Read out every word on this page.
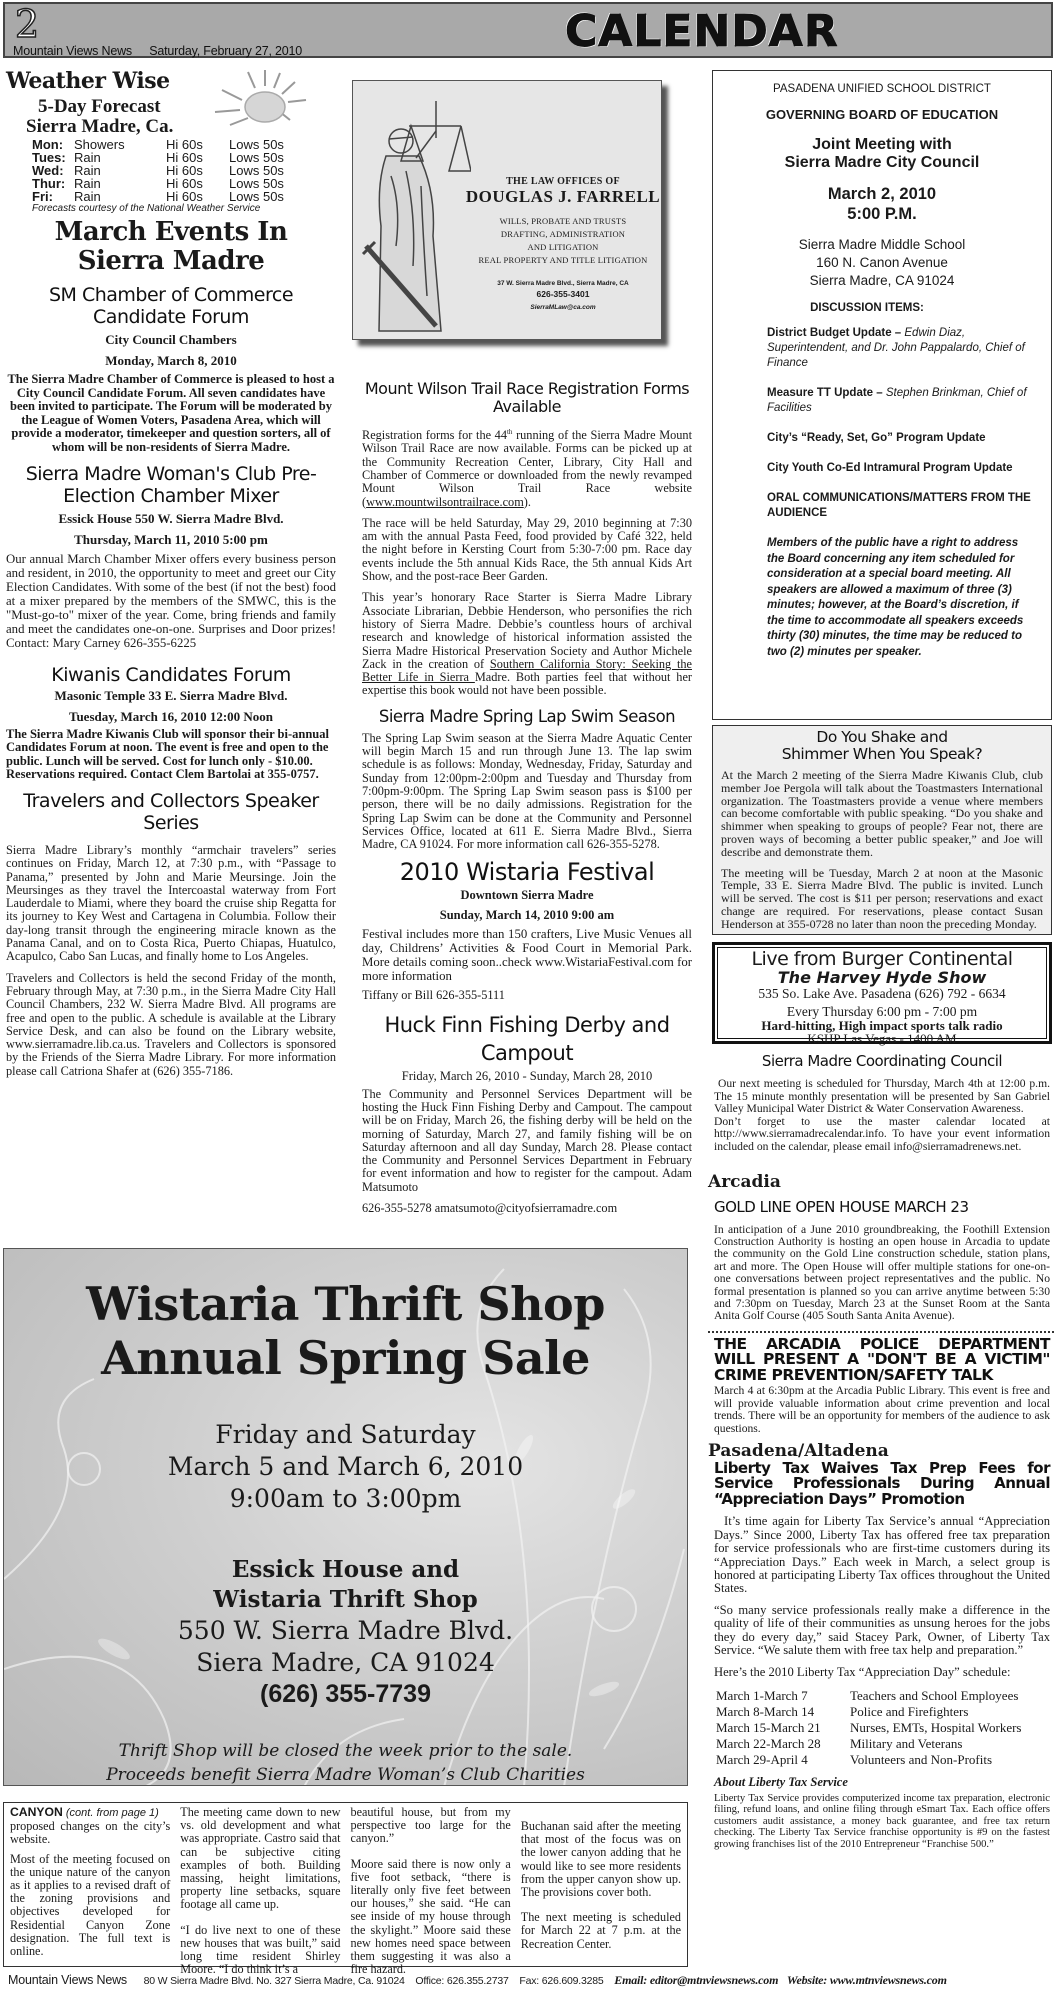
2
Mountain Views News Saturday, February 27, 2010	CALENDAR
Weather Wise
5-Day Forecast
Sierra Madre, Ca.
Mon:	Showers	Hi 60s	Lows 50s
Tues:	Rain	Hi 60s	Lows 50s
Wed:	Rain	Hi 60s	Lows 50s
Thur:	Rain	Hi 60s	Lows 50s
Fri:	Rain	Hi 60s	Lows 50s
Forecasts courtesy of the National Weather Service
March Events In
Sierra Madre
SM Chamber of Commerce Candidate Forum
City Council Chambers
Monday, March 8, 2010

The Sierra Madre Chamber of Commerce is pleased to host a City Council Candidate Forum. All seven candidates have been invited to participate. The Forum will be moderated by the League of Women Voters, Pasadena Area, which will provide a moderator, timekeeper and question sorters, all of whom will be non-residents of Sierra Madre.

Sierra Madre Woman's Club Pre-Election Chamber Mixer
Essick House 550 W. Sierra Madre Blvd.
Thursday, March 11, 2010 5:00 pm

Our annual March Chamber Mixer offers every business person and resident, in 2010, the opportunity to meet and greet our City Election Candidates. With some of the best (if not the best) food at a mixer prepared by the members of the SMWC, this is the "Must-go-to" mixer of the year. Come, bring friends and family and meet the candidates one-on-one. Surprises and Door prizes! Contact: Mary Carney 626-355-6225

Kiwanis Candidates Forum
Masonic Temple 33 E. Sierra Madre Blvd.
Tuesday, March 16, 2010 12:00 Noon

The Sierra Madre Kiwanis Club will sponsor their bi-annual Candidates Forum at noon. The event is free and open to the public. Lunch will be served. Cost for lunch only - $10.00. Reservations required. Contact Clem Bartolai at 355-0757.

Travelers and Collectors Speaker Series

Sierra Madre Library’s monthly “armchair travelers” series continues on Friday, March 12, at 7:30 p.m., with “Passage to Panama,” presented by John and Marie Meursinge. Join the Meursinges as they travel the Intercoastal waterway from Fort Lauderdale to Miami, where they board the cruise ship Regatta for its journey to Key West and Cartagena in Columbia. Follow their day-long transit through the engineering miracle known as the Panama Canal, and on to Costa Rica, Puerto Chiapas, Huatulco, Acapulco, Cabo San Lucas, and finally home to Los Angeles.

Travelers and Collectors is held the second Friday of the month, February through May, at 7:30 p.m., in the Sierra Madre City Hall Council Chambers, 232 W. Sierra Madre Blvd. All programs are free and open to the public. A schedule is available at the Library Service Desk, and can also be found on the Library website, www.sierramadre.lib.ca.us. Travelers and Collectors is sponsored by the Friends of the Sierra Madre Library. For more information please call Catriona Shafer at (626) 355-7186.

THE LAW OFFICES OF
DOUGLAS J. FARRELL
WILLS, PROBATE AND TRUSTS
DRAFTING, ADMINISTRATION
AND LITIGATION
REAL PROPERTY AND TITLE LITIGATION
37 W. Sierra Madre Blvd., Sierra Madre, CA
626-355-3401
SierraMLaw@ca.com
Mount Wilson Trail Race Registration Forms Available

Registration forms for the 44th running of the Sierra Madre Mount Wilson Trail Race are now available. Forms can be picked up at the Community Recreation Center, Library, City Hall and Chamber of Commerce or downloaded from the newly revamped Mount Wilson Trail Race website (www.mountwilsontrailrace.com).

The race will be held Saturday, May 29, 2010 beginning at 7:30 am with the annual Pasta Feed, food provided by Café 322, held the night before in Kersting Court from 5:30-7:00 pm. Race day events include the 5th annual Kids Race, the 5th annual Kids Art Show, and the post-race Beer Garden.

This year’s honorary Race Starter is Sierra Madre Library Associate Librarian, Debbie Henderson, who personifies the rich history of Sierra Madre. Debbie’s countless hours of archival research and knowledge of historical information assisted the Sierra Madre Historical Preservation Society and Author Michele Zack in the creation of Southern California Story: Seeking the Better Life in Sierra Madre. Both parties feel that without her expertise this book would not have been possible.

Sierra Madre Spring Lap Swim Season

The Spring Lap Swim season at the Sierra Madre Aquatic Center will begin March 15 and run through June 13. The lap swim schedule is as follows: Monday, Wednesday, Friday, Saturday and Sunday from 12:00pm-2:00pm and Tuesday and Thursday from 7:00pm-9:00pm. The Spring Lap Swim season pass is $100 per person, there will be no daily admissions. Registration for the Spring Lap Swim can be done at the Community and Personnel Services Office, located at 611 E. Sierra Madre Blvd., Sierra Madre, CA 91024. For more information call 626-355-5278.

2010 Wistaria Festival
Downtown Sierra Madre
Sunday, March 14, 2010 9:00 am

Festival includes more than 150 crafters, Live Music Venues all day, Childrens’ Activities & Food Court in Memorial Park. More details coming soon..check www.WistariaFestival.com for more information

Tiffany or Bill 626-355-5111

Huck Finn Fishing Derby and Campout
Friday, March 26, 2010 - Sunday, March 28, 2010

The Community and Personnel Services Department will be hosting the Huck Finn Fishing Derby and Campout. The campout will be on Friday, March 26, the fishing derby will be held on the morning of Saturday, March 27, and family fishing will be on Saturday afternoon and all day Sunday, March 28. Please contact the Community and Personnel Services Department in February for event information and how to register for the campout. Adam Matsumoto

626-355-5278 amatsumoto@cityofsierramadre.com

PASADENA UNIFIED SCHOOL DISTRICT
GOVERNING BOARD OF EDUCATION
Joint Meeting with
Sierra Madre City Council
March 2, 2010
5:00 P.M.
Sierra Madre Middle School
160 N. Canon Avenue
Sierra Madre, CA 91024
DISCUSSION ITEMS:
District Budget Update – Edwin Diaz, Superintendent, and Dr. John Pappalardo, Chief of Finance
Measure TT Update – Stephen Brinkman, Chief of Facilities
City’s “Ready, Set, Go” Program Update
City Youth Co-Ed Intramural Program Update
ORAL COMMUNICATIONS/MATTERS FROM THE AUDIENCE
Members of the public have a right to address the Board concerning any item scheduled for consideration at a special board meeting. All speakers are allowed a maximum of three (3) minutes; however, at the Board’s discretion, if the time to accommodate all speakers exceeds thirty (30) minutes, the time may be reduced to two (2) minutes per speaker.
Do You Shake and Shimmer When You Speak?

At the March 2 meeting of the Sierra Madre Kiwanis Club, club member Joe Pergola will talk about the Toastmasters International organization. The Toastmasters provide a venue where members can become comfortable with public speaking. “Do you shake and shimmer when speaking to groups of people? Fear not, there are proven ways of becoming a better public speaker,” and Joe will describe and demonstrate them.

The meeting will be Tuesday, March 2 at noon at the Masonic Temple, 33 E. Sierra Madre Blvd. The public is invited. Lunch will be served. The cost is $11 per person; reservations and exact change are required. For reservations, please contact Susan Henderson at 355-0728 no later than noon the preceding Monday.

Live from Burger Continental
The Harvey Hyde Show
535 So. Lake Ave. Pasadena (626) 792 - 6634
Every Thursday 6:00 pm - 7:00 pm
Hard-hitting, High impact sports talk radio
KSHP Las Vegas - 1400 AM
Sierra Madre Coordinating Council

Our next meeting is scheduled for Thursday, March 4th at 12:00 p.m. The 15 minute monthly presentation will be presented by San Gabriel Valley Municipal Water District & Water Conservation Awareness.

Don’t forget to use the master calendar located at http://www.sierramadrecalendar.info. To have your event information included on the calendar, please email info@sierramadrenews.net.

Arcadia
GOLD LINE OPEN HOUSE MARCH 23

In anticipation of a June 2010 groundbreaking, the Foothill Extension Construction Authority is hosting an open house in Arcadia to update the community on the Gold Line construction schedule, station plans, art and more. The Open House will offer multiple stations for one-on-one conversations between project representatives and the public. No formal presentation is planned so you can arrive anytime between 5:30 and 7:30pm on Tuesday, March 23 at the Sunset Room at the Santa Anita Golf Course (405 South Santa Anita Avenue).

THE ARCADIA POLICE DEPARTMENT WILL PRESENT A "DON'T BE A VICTIM" CRIME PREVENTION/SAFETY TALK

March 4 at 6:30pm at the Arcadia Public Library. This event is free and will provide valuable information about crime prevention and local trends. There will be an opportunity for members of the audience to ask questions.

Pasadena/Altadena
Liberty Tax Waives Tax Prep Fees for Service Professionals During Annual “Appreciation Days” Promotion

It’s time again for Liberty Tax Service’s annual “Appreciation Days.” Since 2000, Liberty Tax has offered free tax preparation for service professionals who are first-time customers during its “Appreciation Days.” Each week in March, a select group is honored at participating Liberty Tax offices throughout the United States.

“So many service professionals really make a difference in the quality of life of their communities as unsung heroes for the jobs they do every day,” said Stacey Park, Owner, of Liberty Tax Service. “We salute them with free tax help and preparation.”

Here’s the 2010 Liberty Tax “Appreciation Day” schedule:

March 1-March 7	Teachers and School Employees
March 8-March 14	Police and Firefighters
March 15-March 21	Nurses, EMTs, Hospital Workers
March 22-March 28	Military and Veterans
March 29-April 4	Volunteers and Non-Profits
About Liberty Tax Service

Liberty Tax Service provides computerized income tax preparation, electronic filing, refund loans, and online filing through eSmart Tax. Each office offers customers audit assistance, a money back guarantee, and free tax return checking. The Liberty Tax Service franchise opportunity is #9 on the fastest growing franchises list of the 2010 Entrepreneur “Franchise 500.”

Wistaria Thrift Shop
Annual Spring Sale
Friday and Saturday
March 5 and March 6, 2010
9:00am to 3:00pm
Essick House and
Wistaria Thrift Shop
550 W. Sierra Madre Blvd.
Siera Madre, CA 91024
(626) 355-7739
Thrift Shop will be closed the week prior to the sale.
Proceeds benefit Sierra Madre Woman’s Club Charities

CANYON (cont. from page 1)
proposed changes on the city’s website.

Most of the meeting focused on the unique nature of the canyon as it applies to a revised draft of the zoning provisions and objectives developed for Residential Canyon Zone designation. The full text is online.

The meeting came down to new vs. old development and what was appropriate. Castro said that can be subjective citing examples of both. Building massing, height limitations, property line setbacks, square footage all came up.

“I do live next to one of these new houses that was built,” said long time resident Shirley Moore. “I do think it’s a

beautiful house, but from my perspective too large for the canyon.”

Moore said there is now only a five foot setback, “there is literally only five feet between our houses,” she said. “He can see inside of my house through the skylight.” Moore said these new homes need space between them suggesting it was also a fire hazard.

Buchanan said after the meeting that most of the focus was on the lower canyon adding that he would like to see more residents from the upper canyon show up. The provisions cover both.

The next meeting is scheduled for March 22 at 7 p.m. at the Recreation Center.

Mountain Views News 80 W Sierra Madre Blvd. No. 327 Sierra Madre, Ca. 91024 Office: 626.355.2737 Fax: 626.609.3285 Email: editor@mtnviewsnews.com Website: www.mtnviewsnews.com
